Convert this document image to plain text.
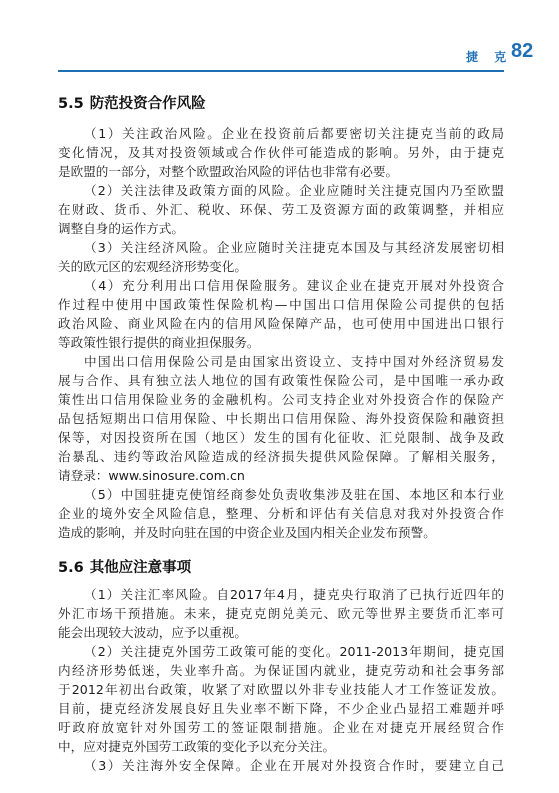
捷 克
82
5.5 防范投资合作风险
（1）关注政治风险。企业在投资前后都要密切关注捷克当前的政局
变化情况，及其对投资领域或合作伙伴可能造成的影响。另外，由于捷克
是欧盟的一部分，对整个欧盟政治风险的评估也非常有必要。
（2）关注法律及政策方面的风险。企业应随时关注捷克国内乃至欧盟
在财政、货币、外汇、税收、环保、劳工及资源方面的政策调整，并相应
调整自身的运作方式。
（3）关注经济风险。企业应随时关注捷克本国及与其经济发展密切相
关的欧元区的宏观经济形势变化。
（4）充分利用出口信用保险服务。建议企业在捷克开展对外投资合
作过程中使用中国政策性保险机构—中国出口信用保险公司提供的包括
政治风险、商业风险在内的信用风险保障产品，也可使用中国进出口银行
等政策性银行提供的商业担保服务。
中国出口信用保险公司是由国家出资设立、支持中国对外经济贸易发
展与合作、具有独立法人地位的国有政策性保险公司，是中国唯一承办政
策性出口信用保险业务的金融机构。公司支持企业对外投资合作的保险产
品包括短期出口信用保险、中长期出口信用保险、海外投资保险和融资担
保等，对因投资所在国（地区）发生的国有化征收、汇兑限制、战争及政
治暴乱、违约等政治风险造成的经济损失提供风险保障。了解相关服务，
请登录：www.sinosure.com.cn
（5）中国驻捷克使馆经商参处负责收集涉及驻在国、本地区和本行业
企业的境外安全风险信息，整理、分析和评估有关信息对我对外投资合作
造成的影响，并及时向驻在国的中资企业及国内相关企业发布预警。
5.6 其他应注意事项
（1）关注汇率风险。自2017年4月，捷克央行取消了已执行近四年的
外汇市场干预措施。未来，捷克克朗兑美元、欧元等世界主要货币汇率可
能会出现较大波动，应予以重视。
（2）关注捷克外国劳工政策可能的变化。2011-2013年期间，捷克国
内经济形势低迷，失业率升高。为保证国内就业，捷克劳动和社会事务部
于2012年初出台政策，收紧了对欧盟以外非专业技能人才工作签证发放。
目前，捷克经济发展良好且失业率不断下降，不少企业凸显招工难题并呼
吁政府放宽针对外国劳工的签证限制措施。企业在对捷克开展经贸合作
中，应对捷克外国劳工政策的变化予以充分关注。
（3）关注海外安全保障。企业在开展对外投资合作时，要建立自己
